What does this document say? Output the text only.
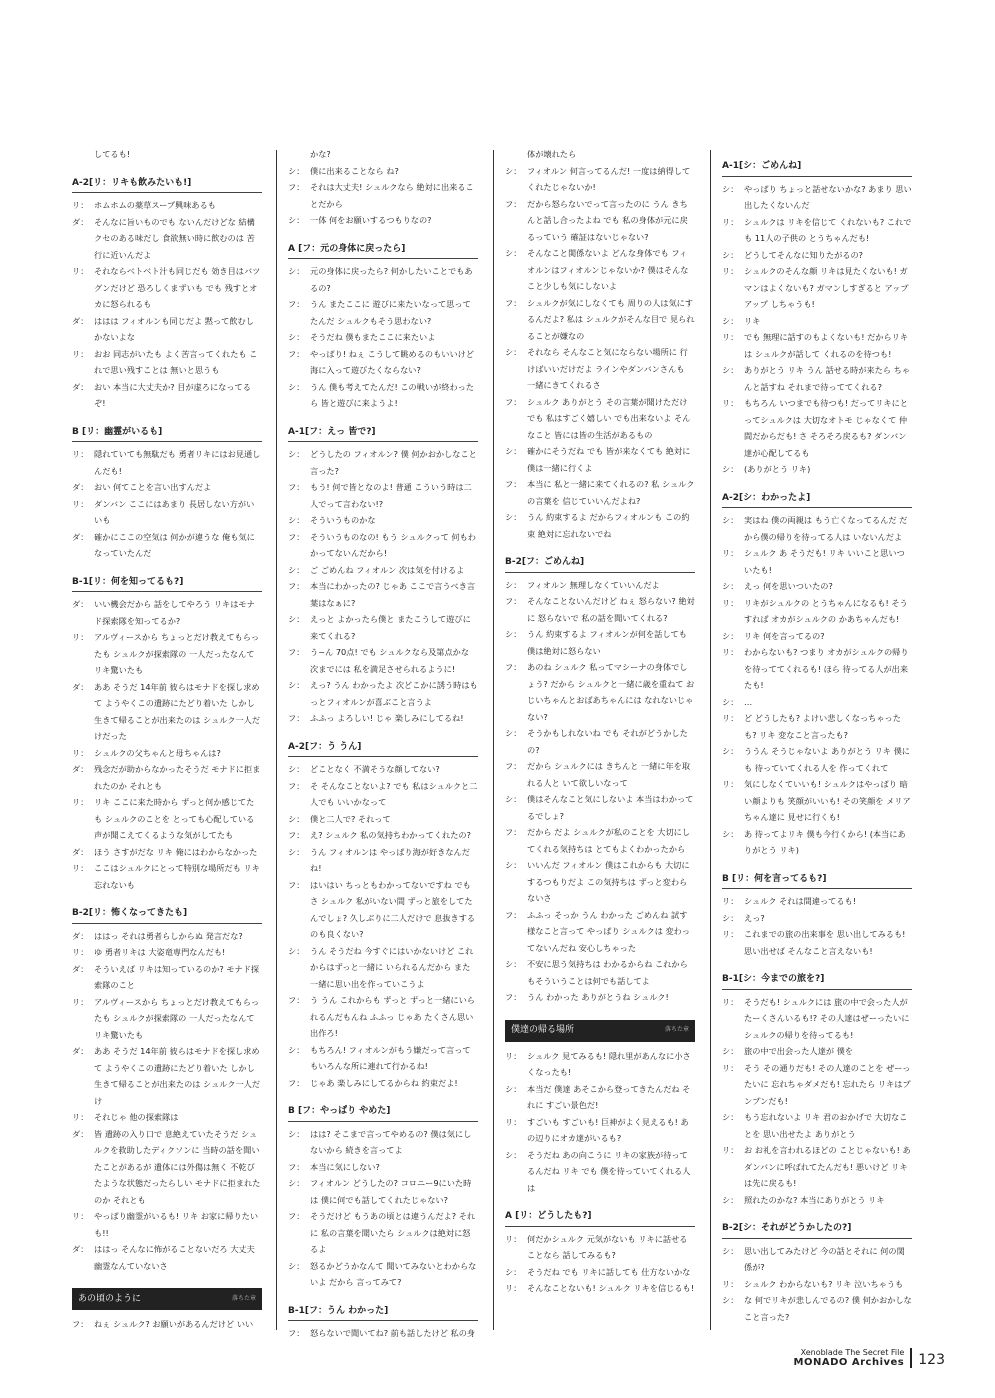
してるも!
A-2[リ：リキも飲みたいも!]
リ： ホムホムの薬草スープ興味あるも
ダ： そんなに旨いものでも ないんだけどな 結構クセのある味だし 食欲無い時に飲むのは 苦行に近いんだよ
リ： それならベトベト汁も同じだも 効き目はバツグンだけど 恐ろしくまずいも でも 残すとオカに怒られるも
ダ： ははは フィオルンも同じだよ 黙って飲むしかないよな
リ： おお 同志がいたも よく苦言ってくれたも これで思い残すことは 無いと思うも
ダ： おい 本当に大丈夫か? 目が虚ろになってるぞ!
B [リ：幽霊がいるも]
リ： 隠れていても無駄だも 勇者リキにはお見通しんだも!
ダ： おい 何てことを言い出すんだよ
リ： ダンバン ここにはあまり 長居しない方がいいも
ダ： 確かにここの空気は 何かが違うな 俺も気になっていたんだ
B-1[リ：何を知ってるも?]
ダ： いい機会だから 話をしてやろう リキはモナド探索隊を知ってるか?
リ： アルヴィースから ちょっとだけ教えてもらったも シュルクが探索隊の 一人だったなんて リキ驚いたも
ダ： ああ そうだ 14年前 彼らはモナドを探し求めて ようやくこの遺跡にたどり着いた しかし生きて帰ることが出来たのは シュルク一人だけだった
リ： シュルクの父ちゃんと母ちゃんは?
ダ： 残念だが助からなかったそうだ モナドに拒まれたのか それとも
リ： リキ ここに来た時から ずっと何か感じてたも シュルクのことを とっても心配している声が聞こえてくるような気がしてたも
ダ： ほう さすがだな リキ 俺にはわからなかった
リ： ここはシュルクにとって特別な場所だも リキ忘れないも
B-2[リ：怖くなってきたも]
ダ： ははっ それは勇者らしからぬ 発言だな?
リ： ゆ 勇者リキは 大姿竜専門なんだも!
ダ： そういえば リキは知っているのか? モナド探索隊のこと
リ： アルヴィースから ちょっとだけ教えてもらったも シュルクが探索隊の 一人だったなんて リキ驚いたも
ダ： ああ そうだ 14年前 彼らはモナドを探し求めて ようやくこの遺跡にたどり着いた しかし生きて帰ることが出来たのは シュルク一人だけ
リ： それじゃ 他の探索隊は
ダ： 皆 遺跡の入り口で 息絶えていたそうだ シュルクを救助したディクソンに 当時の話を聞いたことがあるが 遺体には外傷は無く 不乾びたような状態だったらしい モナドに拒まれたのか それとも
リ： やっぱり幽霊がいるも! リキ お家に帰りたいも!!
ダ： ははっ そんなに怖がることないだろ 大丈夫 幽霊なんていないさ
あの頃のように	落ちた章
フ： ねぇ シュルク? お願いがあるんだけど いい
かな?
シ： 僕に出来ることなら ね?
フ： それは大丈夫! シュルクなら 絶対に出来ることだから
シ： 一体 何をお願いするつもりなの?
A [フ：元の身体に戻ったら]
シ： 元の身体に戻ったら? 何かしたいことでもあるの?
フ： うん またここに 遊びに来たいなって思ってたんだ シュルクもそう思わない?
シ： そうだね 僕もまたここに来たいよ
フ： やっぱり! ねぇ こうして眺めるのもいいけど 海に入って遊びたくならない?
シ： うん 僕も考えてたんだ! この戦いが終わったら 皆と遊びに来ようよ!
A-1[フ：えっ 皆で?]
シ： どうしたの フィオルン? 僕 何かおかしなこと言った?
フ： もう! 何で皆となのよ! 普通 こういう時は二人でって言わない!?
シ： そういうものかな
フ： そういうものなの! もう シュルクって 何もわかってないんだから!
シ： ご ごめんね フィオルン 次は気を付けるよ
フ： 本当にわかったの? じゃあ ここで言うべき言葉はなぁに?
シ： えっと よかったら僕と またこうして遊びに来てくれる?
フ： う~ん 70点! でも シュルクなら及第点かな 次までには 私を満足させられるように!
シ： えっ? うん わかったよ 次どこかに誘う時はもっとフィオルンが喜ぶこと言うよ
フ： ふふっ よろしい! じゃ 楽しみにしてるね!
A-2[フ：う うん]
シ： どことなく 不満そうな顔してない?
フ： そ そんなことないよ? でも 私はシュルクと二人でも いいかなって
シ： 僕と二人で? それって
フ： え? シュルク 私の気持ちわかってくれたの?
シ： うん フィオルンは やっぱり海が好きなんだね!
フ： はいはい ちっともわかってないですね でもさ シュルク 私がいない間 ずっと旅をしてたんでしょ? 久しぶりに二人だけで 息抜きするのも良くない?
シ： うん そうだね 今すぐにはいかないけど これからはずっと一緒に いられるんだから また一緒に思い出を作っていこうよ
フ： う うん これからも ずっと ずっと一緒にいられるんだもんね ふふっ じゃあ たくさん思い出作ろ!
シ： もちろん! フィオルンがもう嫌だって言ってもいろんな所に連れて行かるね!
フ： じゃあ 楽しみにしてるからね 約束だよ!
B [フ：やっぱり やめた]
シ： はは? そこまで言ってやめるの? 僕は気にしないから 続きを言ってよ
フ： 本当に気にしない?
シ： フィオルン どうしたの? コロニー9にいた時は 僕に何でも話してくれたじゃない?
フ： そうだけど もうあの頃とは違うんだよ? それに 私の言葉を聞いたら シュルクは絶対に怒るよ
シ： 怒るかどうかなんて 聞いてみないとわからないよ だから 言ってみて?
B-1[フ：うん わかった]
フ： 怒らないで聞いてね? 前も話したけど 私の身
体が壊れたら
シ： フィオルン 何言ってるんだ! 一度は納得してくれたじゃないか!
フ： だから怒らないでって言ったのに うん きちんと話し合ったよね でも 私の身体が元に戻るっていう 確証はないじゃない?
シ： そんなこと関係ないよ どんな身体でも フィオルンはフィオルンじゃないか? 僕はそんなこと少しも気にしないよ
フ： シュルクが気にしなくても 周りの人は気にするんだよ? 私は シュルクがそんな目で 見られることが嫌なの
シ： それなら そんなこと気にならない場所に 行けばいいだけだよ ラインやダンバンさんも 一緒にきてくれるさ
フ： シュルク ありがとう その言葉が聞けただけでも 私はすごく嬉しい でも出来ないよ そんなこと 皆には皆の生活があるもの
シ： 確かにそうだね でも 皆が来なくても 絶対に僕は一緒に行くよ
フ： 本当に 私と一緒に来てくれるの? 私 シュルクの言葉を 信じていいんだよね?
シ： うん 約束するよ だからフィオルンも この約束 絶対に忘れないでね
B-2[フ：ごめんね]
シ： フィオルン 無理しなくていいんだよ
フ： そんなことないんだけど ねぇ 怒らない? 絶対に 怒らないで 私の話を聞いてくれる?
シ： うん 約束するよ フィオルンが何を話しても僕は絶対に怒らない
フ： あのね シュルク 私ってマシーナの身体でしょう? だから シュルクと一緒に歳を重ねて おじいちゃんとおばあちゃんには なれないじゃない?
シ： そうかもしれないね でも それがどうかしたの?
フ： だから シュルクには きちんと 一緒に年を取れる人と いて欲しいなって
シ： 僕はそんなこと気にしないよ 本当はわかってるでしょ?
フ： だから だよ シュルクが私のことを 大切にしてくれる気持ちは とてもよくわかったから
シ： いいんだ フィオルン 僕はこれからも 大切にするつもりだよ この気持ちは ずっと変わらないさ
フ： ふふっ そっか うん わかった ごめんね 試す様なこと言って やっぱり シュルクは 変わってないんだね 安心しちゃった
シ： 不安に思う気持ちは わかるからね これからもそういうことは何でも話してよ
フ： うん わかった ありがとうね シュルク!
僕達の帰る場所	落ちた章
リ： シュルク 見てみるも! 隠れ里があんなに小さくなったも!
シ： 本当だ 僕達 あそこから登ってきたんだね それに すごい景色だ!
リ： すごいも すごいも! 巨神がよく見えるも! あの辺りにオカ達がいるも?
シ： そうだね あの向こうに リキの家族が待ってるんだね リキ でも 僕を待っていてくれる人は
A [リ：どうしたも?]
リ： 何だかシュルク 元気がないも リキに話せることなら 話してみるも?
シ： そうだね でも リキに話しても 仕方ないかな
リ： そんなことないも! シュルク リキを信じるも!
A-1[シ：ごめんね]
シ： やっぱり ちょっと話せないかな? あまり 思い出したくないんだ
リ： シュルクは リキを信じて くれないも? これでも 11人の子供の とうちゃんだも!
シ： どうしてそんなに知りたがるの?
リ： シュルクのそんな顔 リキは見たくないも! ガマンはよくないも? ガマンしすぎると アップアップ しちゃうも!
シ： リキ
リ： でも 無理に話すのもよくないも! だからリキは シュルクが話して くれるのを待つも!
シ： ありがとう リキ うん 話せる時が来たら ちゃんと話すね それまで待っててくれる?
リ： もちろん いつまでも待つも! だってリキにとってシュルクは 大切なオトモ じゃなくて 仲間だからだも! さ そろそろ戻るも? ダンバン達が心配してるも
シ： (ありがとう リキ)
A-2[シ：わかったよ]
シ： 実はね 僕の両親は もう亡くなってるんだ だから僕の帰りを待ってる人は いないんだよ
リ： シュルク あ そうだも! リキ いいこと思いついたも!
シ： えっ 何を思いついたの?
リ： リキがシュルクの とうちゃんになるも! そうすれば オカがシュルクの かあちゃんだも!
シ： リキ 何を言ってるの?
リ： わからないも? つまり オカがシュルクの帰りを待っててくれるも! ほら 待ってる人が出来たも!
シ： …
リ： ど どうしたも? よけい悲しくなっちゃったも? リキ 変なこと言ったも?
シ： ううん そうじゃないよ ありがとう リキ 僕にも 待っていてくれる人を 作ってくれて
リ： 気にしなくていいも! シュルクはやっぱり 暗い顔よりも 笑顔がいいも! その笑顔を メリアちゃん達に 見せに行くも!
シ： あ 待ってよリキ 僕も今行くから! (本当にありがとう リキ)
B [リ：何を言ってるも?]
リ： シュルク それは間違ってるも!
シ： えっ?
リ： これまでの旅の出来事を 思い出してみるも! 思い出せば そんなこと言えないも!
B-1[シ：今までの旅を?]
リ： そうだも! シュルクには 旅の中で会った人がたーくさんいるも!? その人達はぜーったいにシュルクの帰りを待ってるも!
シ： 旅の中で出会った人達が 僕を
リ： そう その通りだも! その人達のことを ぜーったいに 忘れちゃダメだも! 忘れたら リキはプンプンだも!
シ： もう忘れないよ リキ 君のおかげで 大切なことを 思い出せたよ ありがとう
リ： お お礼を言われるほどの ことじゃないも! あ ダンバンに呼ばれてたんだも! 悪いけど リキは先に戻るも!
シ： 照れたのかな? 本当にありがとう リキ
B-2[シ：それがどうかしたの?]
シ： 思い出してみたけど 今の話とそれに 何の関係が?
リ： シュルク わからないも? リキ 泣いちゃうも
シ： な 何でリキが悲しんでるの? 僕 何かおかしなこと言った?
Xenoblade The Secret File
MONADO Archives 123
